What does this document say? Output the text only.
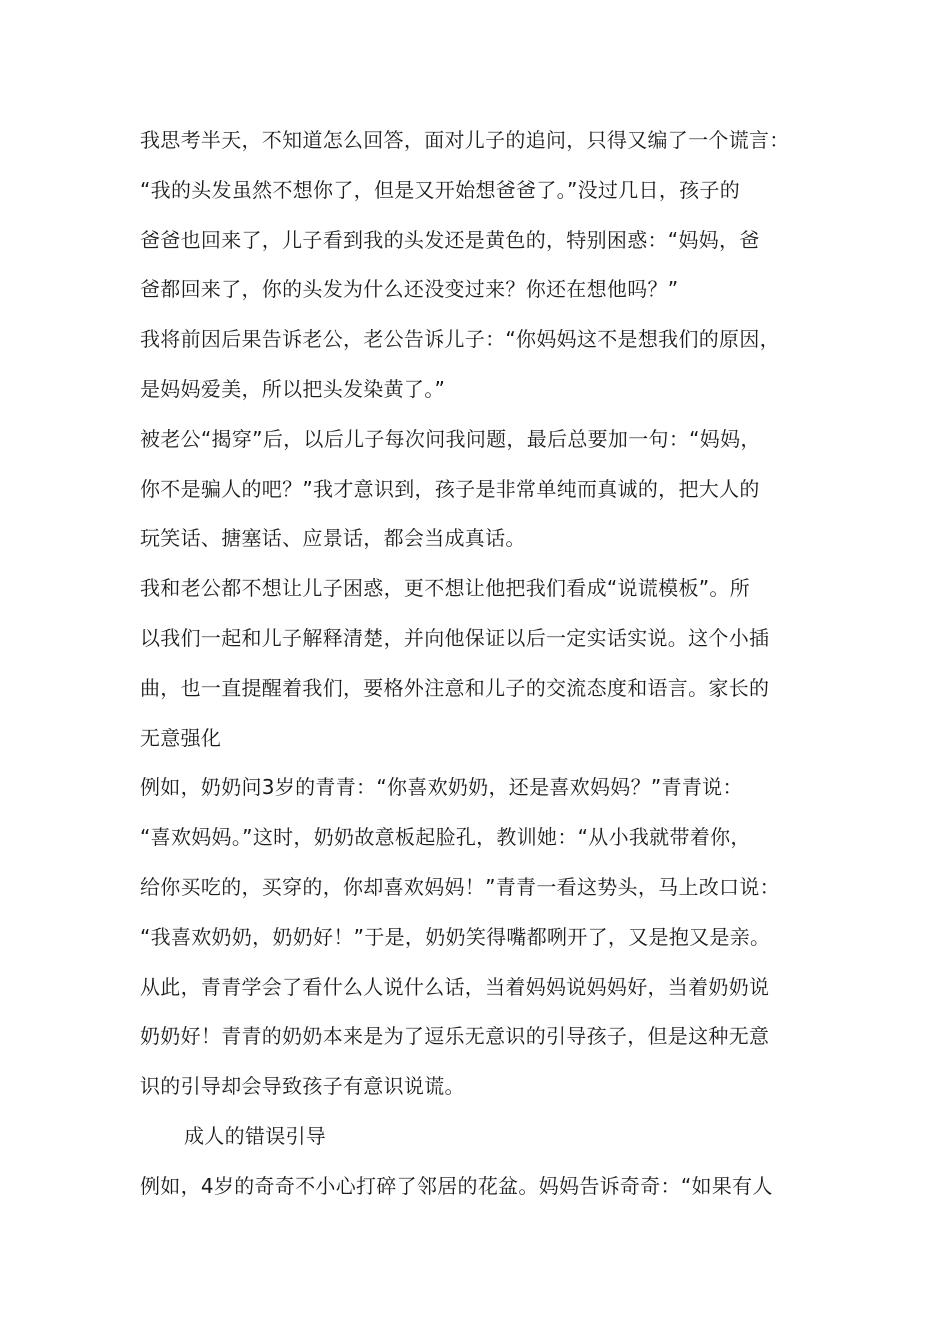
我思考半天，不知道怎么回答，面对儿子的追问，只得又编了一个谎言：
“我的头发虽然不想你了，但是又开始想爸爸了。”没过几日，孩子的
爸爸也回来了，儿子看到我的头发还是黄色的，特别困惑：“妈妈，爸
爸都回来了，你的头发为什么还没变过来？你还在想他吗？”
我将前因后果告诉老公，老公告诉儿子：“你妈妈这不是想我们的原因，
是妈妈爱美，所以把头发染黄了。”
被老公“揭穿”后，以后儿子每次问我问题，最后总要加一句：“妈妈，
你不是骗人的吧？”我才意识到，孩子是非常单纯而真诚的，把大人的
玩笑话、搪塞话、应景话，都会当成真话。
我和老公都不想让儿子困惑，更不想让他把我们看成“说谎模板”。所
以我们一起和儿子解释清楚，并向他保证以后一定实话实说。这个小插
曲，也一直提醒着我们，要格外注意和儿子的交流态度和语言。家长的
无意强化
例如，奶奶问3岁的青青：“你喜欢奶奶，还是喜欢妈妈？”青青说：
“喜欢妈妈。”这时，奶奶故意板起脸孔，教训她：“从小我就带着你，
给你买吃的，买穿的，你却喜欢妈妈！”青青一看这势头，马上改口说：
“我喜欢奶奶，奶奶好！”于是，奶奶笑得嘴都咧开了，又是抱又是亲。
从此，青青学会了看什么人说什么话，当着妈妈说妈妈好，当着奶奶说
奶奶好！青青的奶奶本来是为了逗乐无意识的引导孩子，但是这种无意
识的引导却会导致孩子有意识说谎。
成人的错误引导
例如，4岁的奇奇不小心打碎了邻居的花盆。妈妈告诉奇奇：“如果有人
